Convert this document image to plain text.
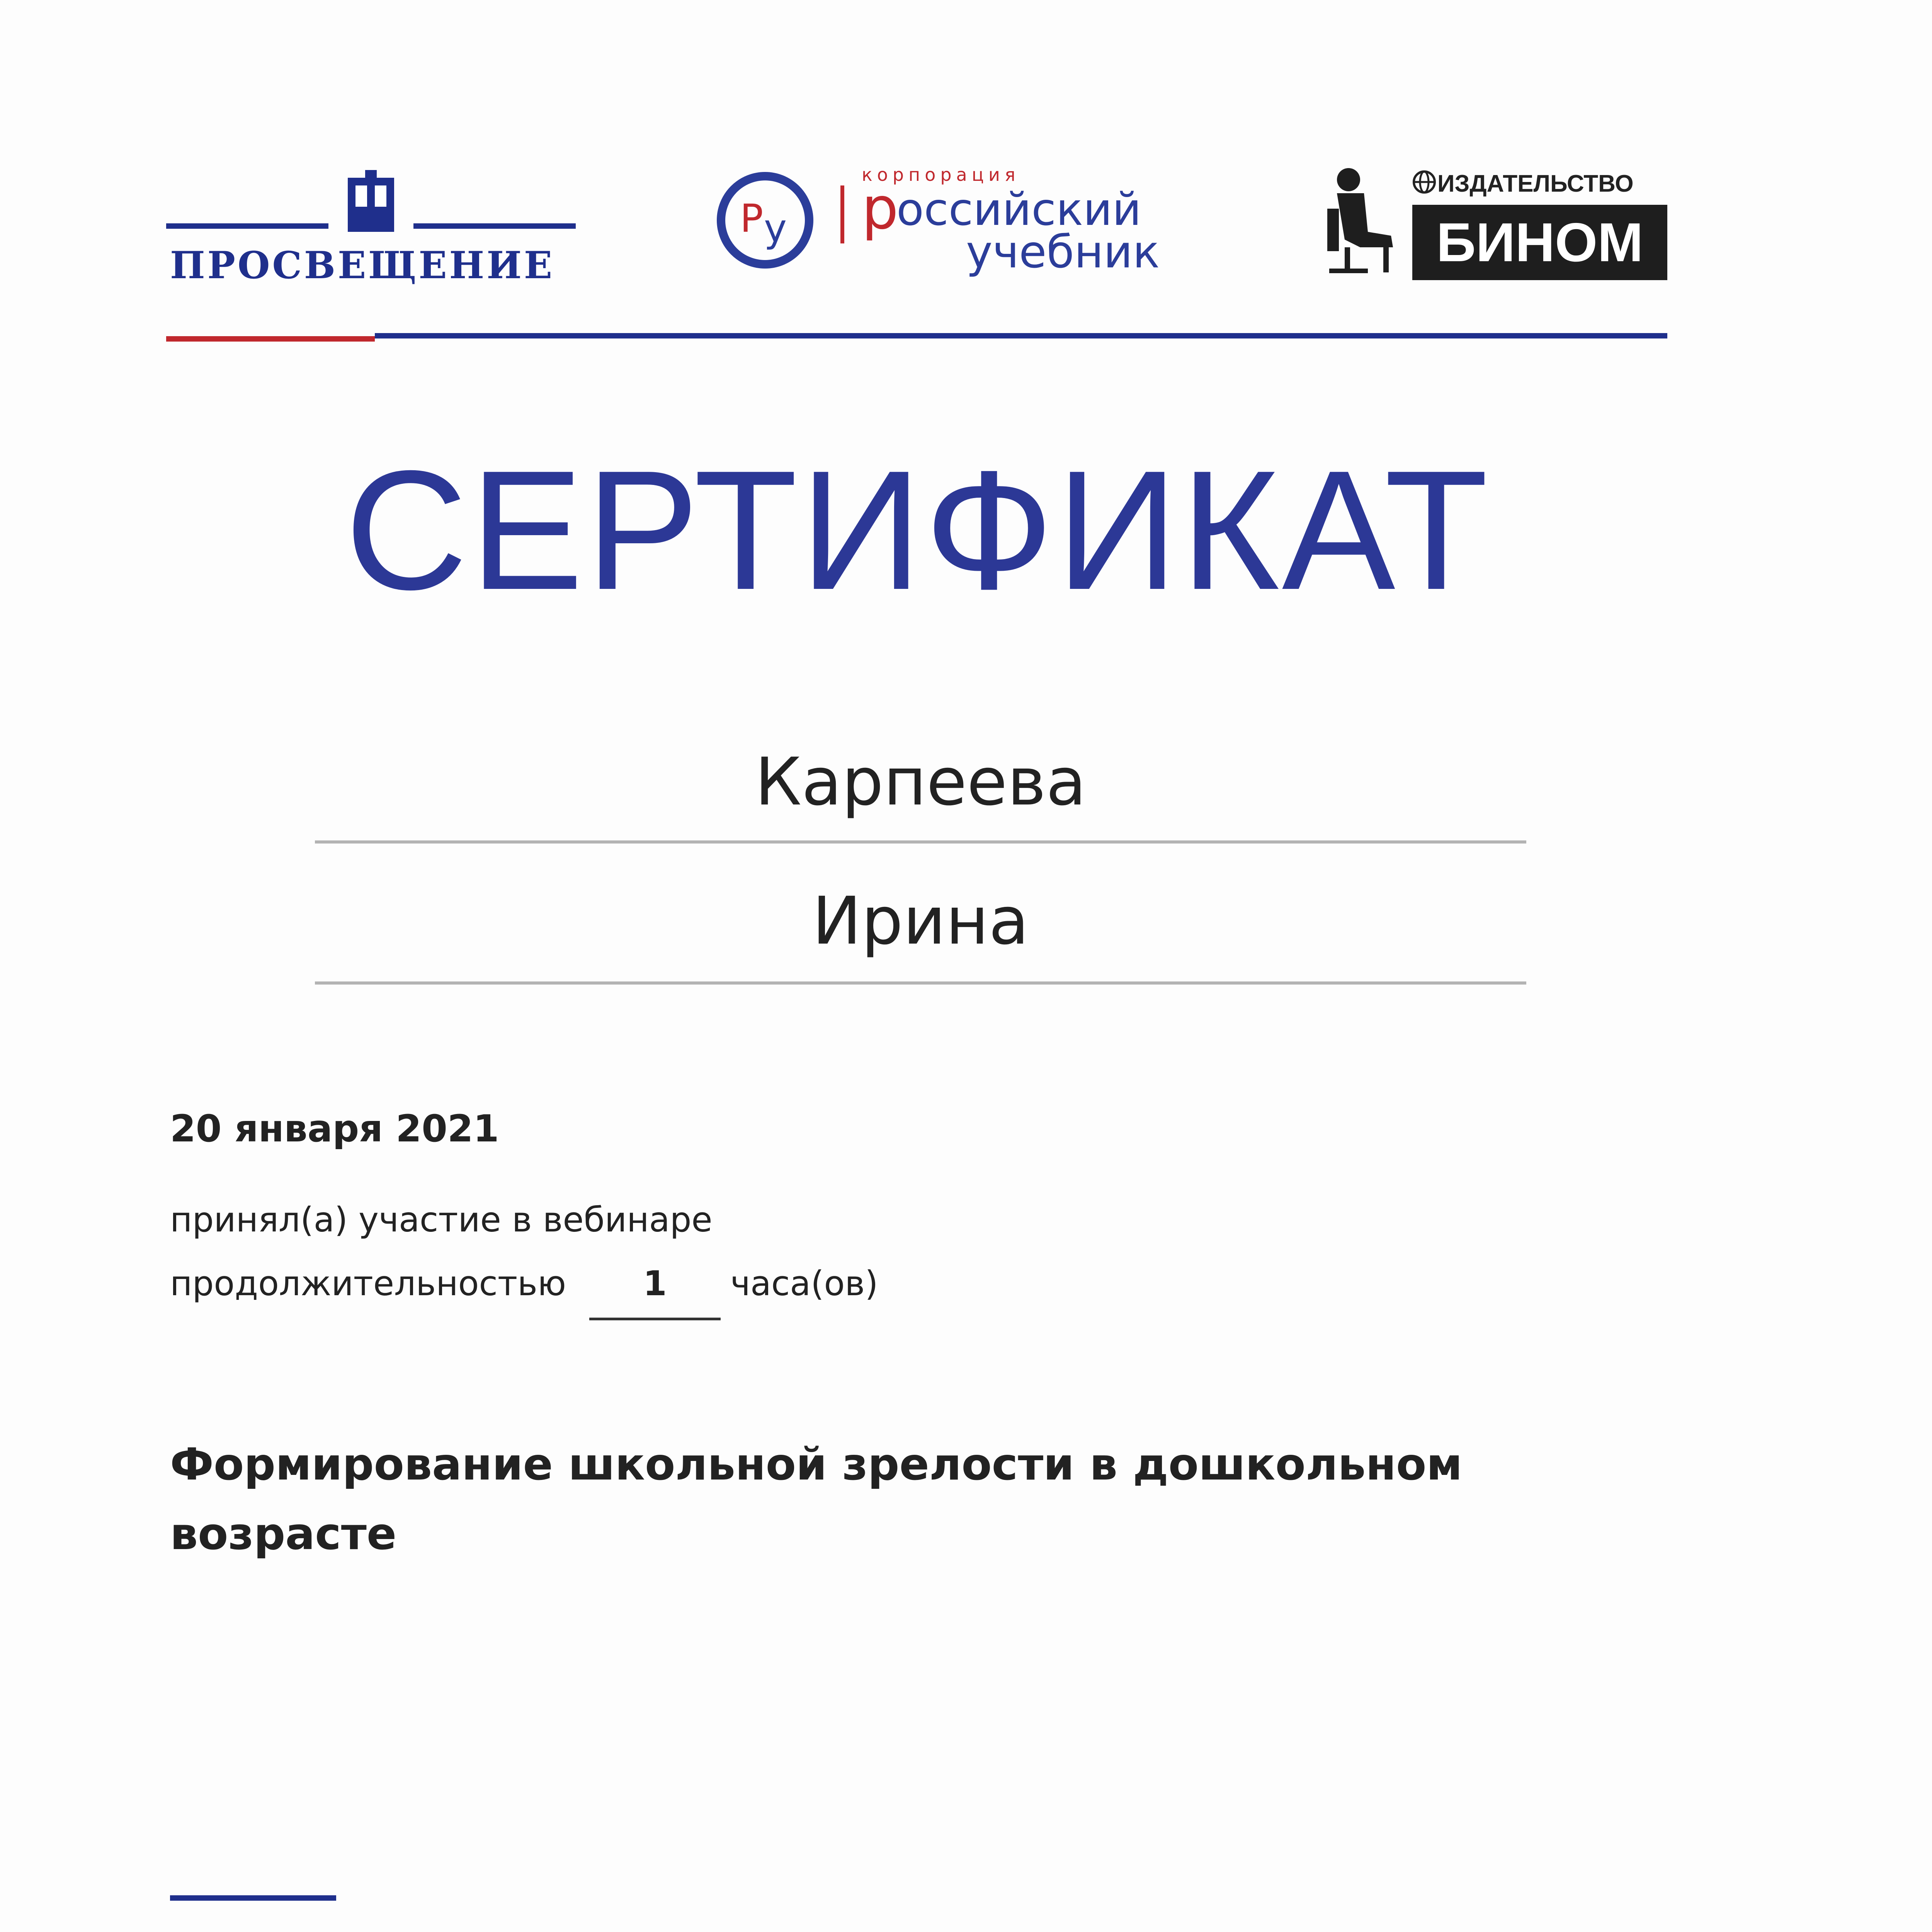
ПРОСВЕЩЕНИЕ
Р у
корпорация
р
оссийский
учебник
ИЗДАТЕЛЬСТВО
БИНОМ
СЕРТИФИКАТ
Карпеева
Ирина
20 января 2021
принял(а) участие в вебинаре
продолжительностью	1	часа(ов)
Формирование школьной зрелости в дошкольном возрасте
